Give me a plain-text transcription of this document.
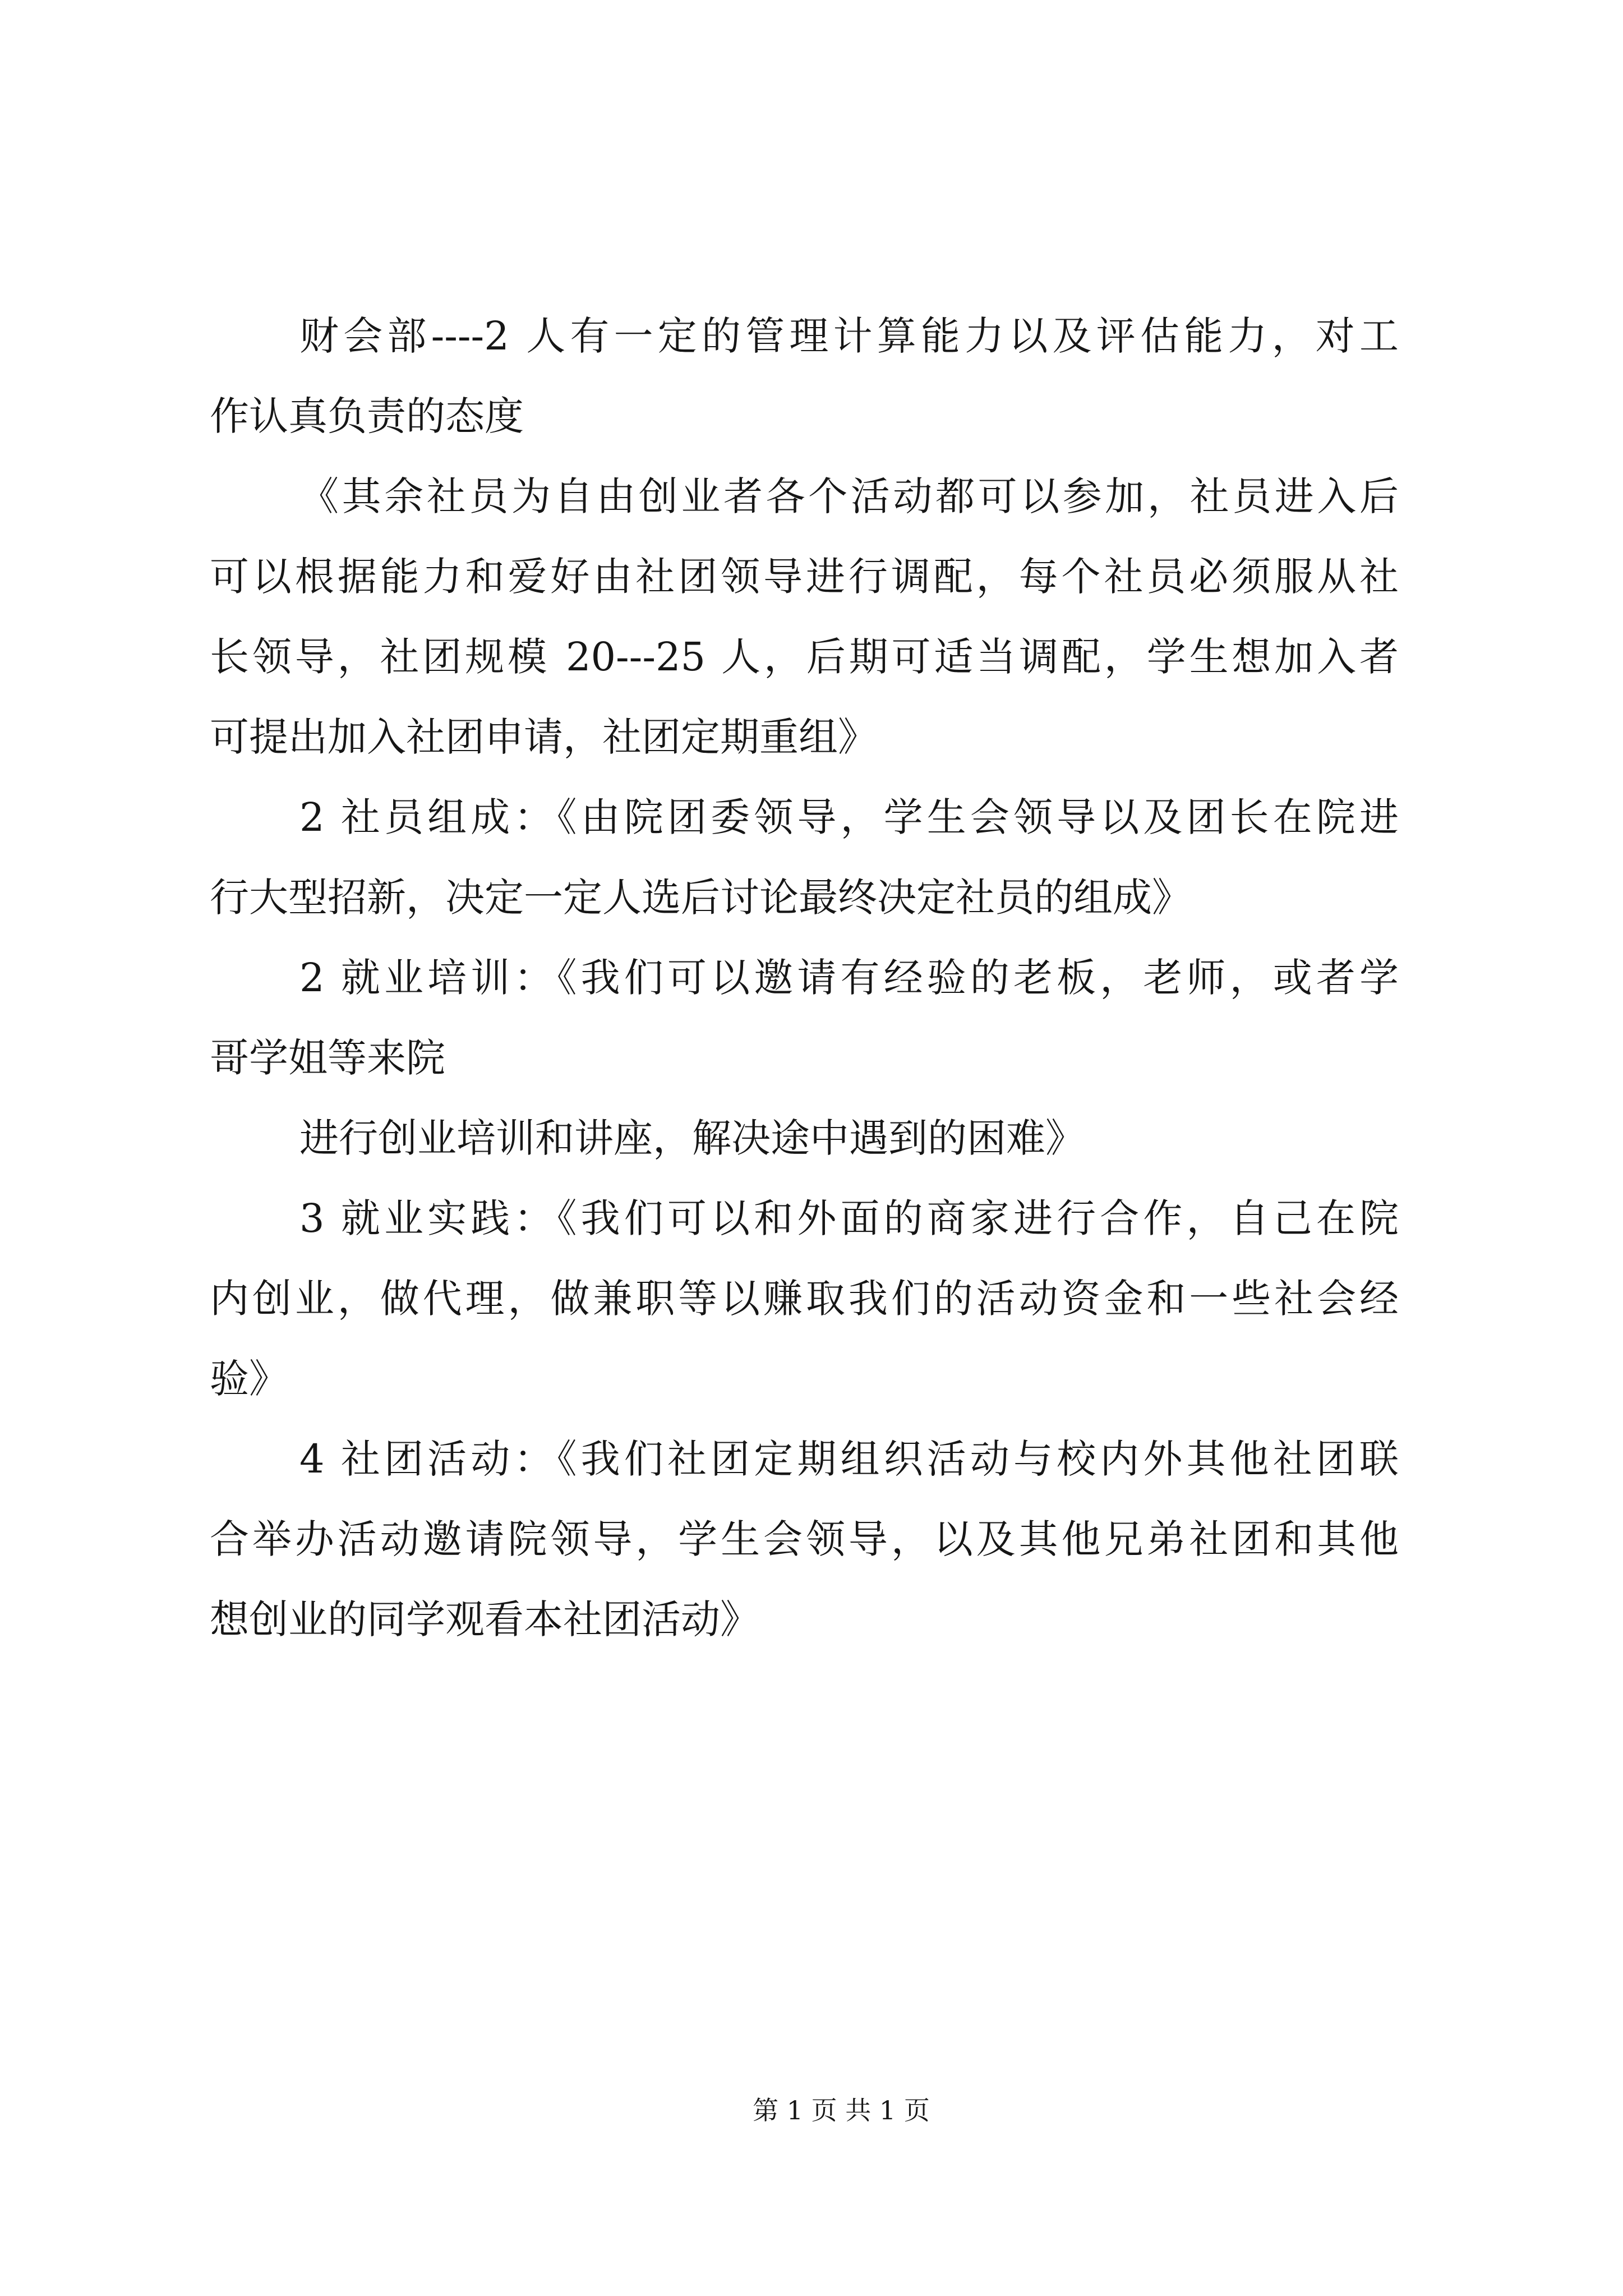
财会部----2 人有一定的管理计算能力以及评估能力，对工
作认真负责的态度
《其余社员为自由创业者各个活动都可以参加，社员进入后
可以根据能力和爱好由社团领导进行调配，每个社员必须服从社
长领导，社团规模 20---25 人，后期可适当调配，学生想加入者
可提出加入社团申请，社团定期重组》
2 社员组成：《由院团委领导，学生会领导以及团长在院进
行大型招新，决定一定人选后讨论最终决定社员的组成》
2 就业培训：《我们可以邀请有经验的老板，老师，或者学
哥学姐等来院
进行创业培训和讲座，解决途中遇到的困难》
3 就业实践：《我们可以和外面的商家进行合作，自己在院
内创业，做代理，做兼职等以赚取我们的活动资金和一些社会经
验》
4 社团活动：《我们社团定期组织活动与校内外其他社团联
合举办活动邀请院领导，学生会领导，以及其他兄弟社团和其他
想创业的同学观看本社团活动》
第 1 页 共 1 页
